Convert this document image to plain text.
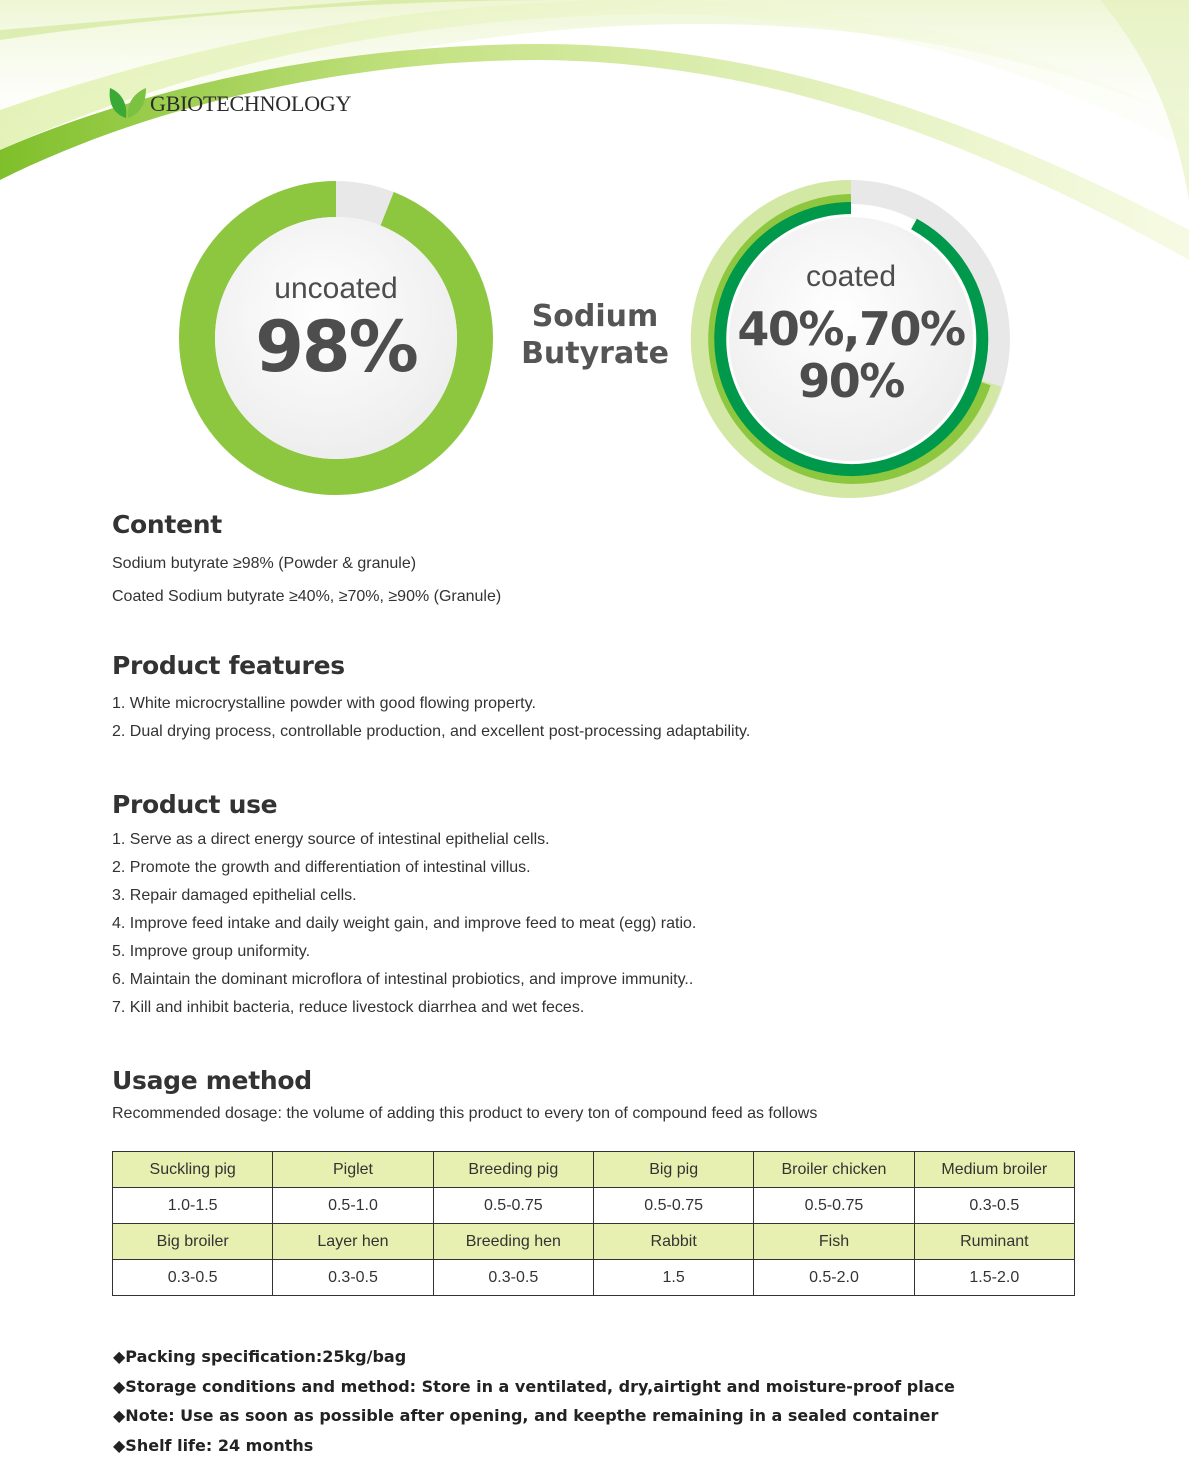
GBIOTECHNOLOGY
uncoated
98%	Sodium
Butyrate
coated
40%,70%
90%
Content
Sodium butyrate ≥98% (Powder & granule)
Coated Sodium butyrate ≥40%, ≥70%, ≥90% (Granule)
Product features
1. White microcrystalline powder with good flowing property.
2. Dual drying process, controllable production, and excellent post-processing adaptability.
Product use
1. Serve as a direct energy source of intestinal epithelial cells.
2. Promote the growth and differentiation of intestinal villus.
3. Repair damaged epithelial cells.
4. Improve feed intake and daily weight gain, and improve feed to meat (egg) ratio.
5. Improve group uniformity.
6. Maintain the dominant microflora of intestinal probiotics, and improve immunity..
7. Kill and inhibit bacteria, reduce livestock diarrhea and wet feces.
Usage method
Recommended dosage: the volume of adding this product to every ton of compound feed as follows
Suckling pig	Piglet	Breeding pig	Big pig	Broiler chicken	Medium broiler
1.0-1.5	0.5-1.0	0.5-0.75	0.5-0.75	0.5-0.75	0.3-0.5
Big broiler	Layer hen	Breeding hen	Rabbit	Fish	Ruminant
0.3-0.5	0.3-0.5	0.3-0.5	1.5	0.5-2.0	1.5-2.0
◆Packing specification:25kg/bag
◆Storage conditions and method: Store in a ventilated, dry,airtight and moisture-proof place
◆Note: Use as soon as possible after opening, and keepthe remaining in a sealed container
◆Shelf life: 24 months
